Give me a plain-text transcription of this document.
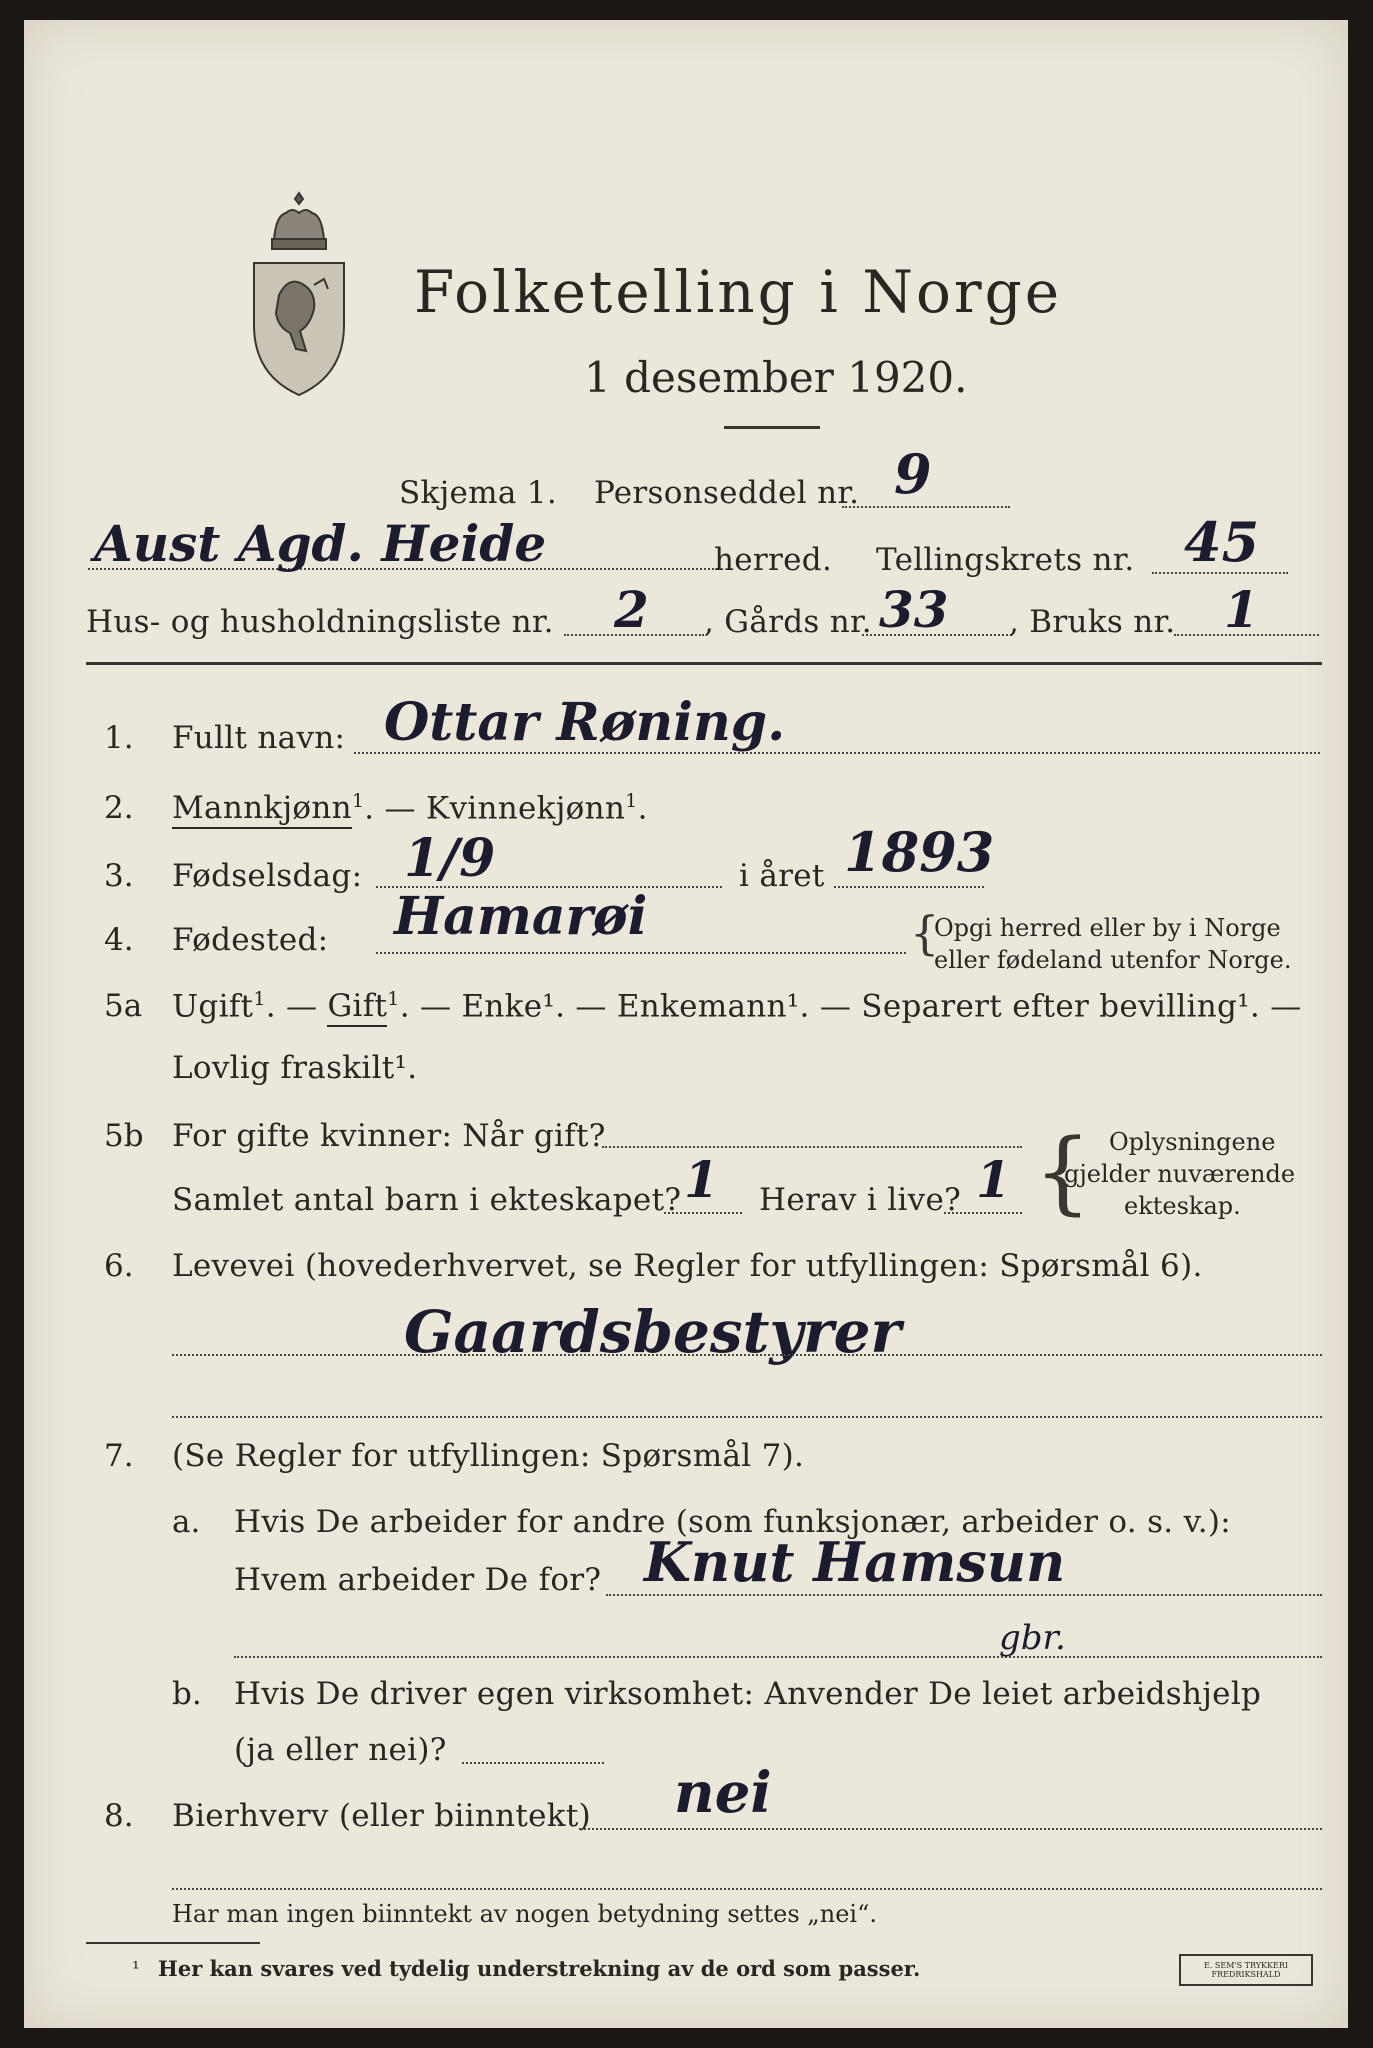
Folketelling i Norge
1 desember 1920.
Skjema 1. Personseddel nr. 9
Aust Agd. Heide	herred. Tellingskrets nr. 45
Hus- og husholdningsliste nr. 2 , Gårds nr. 33 , Bruks nr. 1
1. Fullt navn: Ottar Røning.
2. Mannkjønn$^1$. — Kvinnekjønn$^1$.
3. Fødselsdag: 1/9	i året 1893
4. Fødested: Hamarøi	{
Opgi herred eller by i Norge
eller fødeland utenfor Norge.
5a Ugift$^1$. — Gift$^1$. — Enke¹. — Enkemann¹. — Separert efter bevilling¹. —
Lovlig fraskilt¹.
5b For gifte kvinner: Når gift?
Samlet antal barn i ekteskapet? 1 Herav i live? 1 { Oplysningene
gjelder nuværende
ekteskap.
6. Levevei (hovederhvervet, se Regler for utfyllingen: Spørsmål 6).
Gaardsbestyrer
7. (Se Regler for utfyllingen: Spørsmål 7).
a. Hvis De arbeider for andre (som funksjonær, arbeider o. s. v.):
Hvem arbeider De for? Knut Hamsun
gbr.
b. Hvis De driver egen virksomhet: Anvender De leiet arbeidshjelp
(ja eller nei)?
8. Bierhverv (eller biinntekt) nei
Har man ingen biinntekt av nogen betydning settes „nei“.
¹ Her kan svares ved tydelig understrekning av de ord som passer.	E. SEM'S TRYKKERI FREDRIKSHALD
